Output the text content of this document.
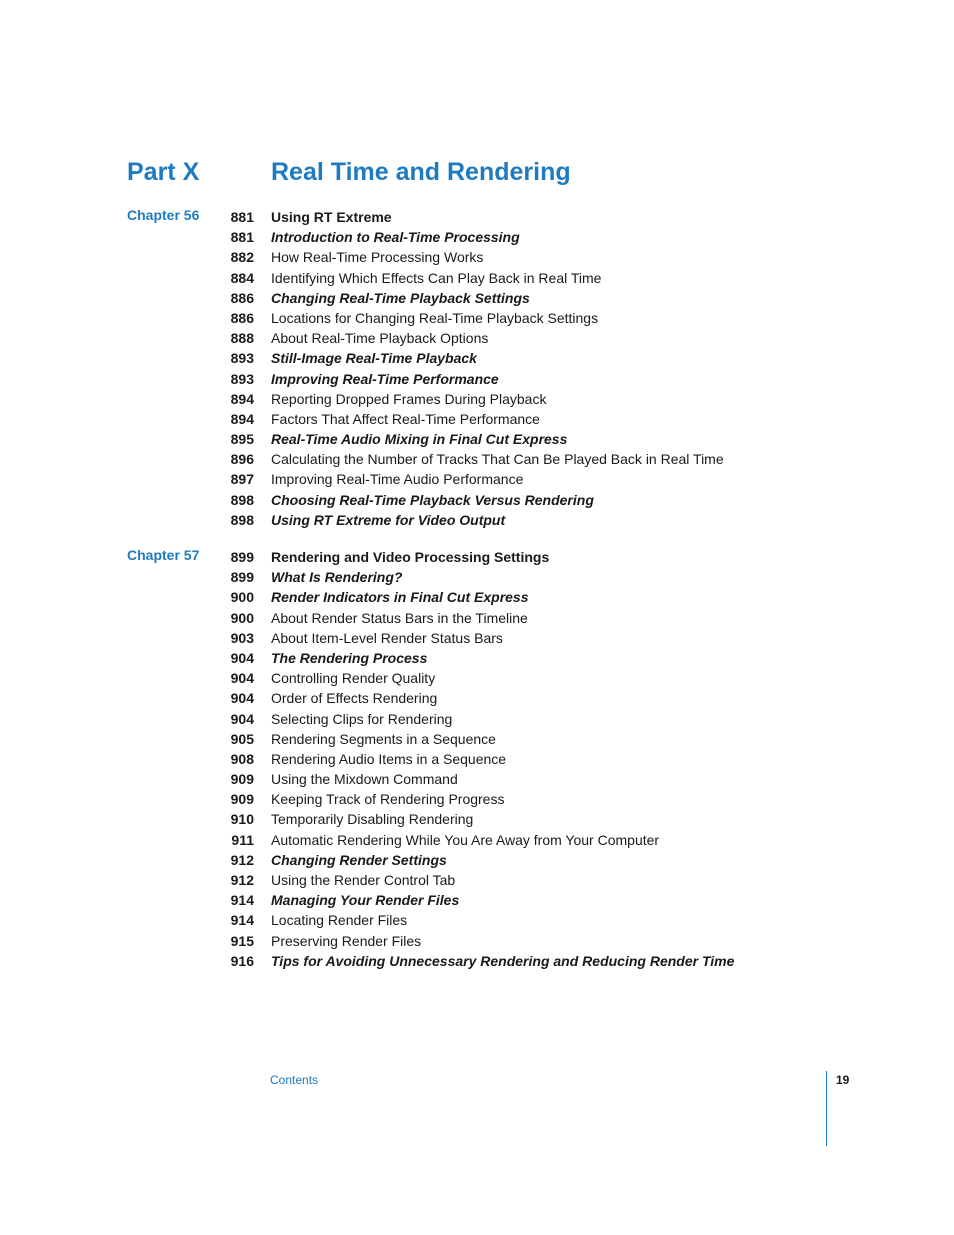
Part X	Real Time and Rendering
Chapter 56	881 Using RT Extreme
881 Introduction to Real-Time Processing
882 How Real-Time Processing Works
884 Identifying Which Effects Can Play Back in Real Time
886 Changing Real-Time Playback Settings
886 Locations for Changing Real-Time Playback Settings
888 About Real-Time Playback Options
893 Still-Image Real-Time Playback
893 Improving Real-Time Performance
894 Reporting Dropped Frames During Playback
894 Factors That Affect Real-Time Performance
895 Real-Time Audio Mixing in Final Cut Express
896 Calculating the Number of Tracks That Can Be Played Back in Real Time
897 Improving Real-Time Audio Performance
898 Choosing Real-Time Playback Versus Rendering
898 Using RT Extreme for Video Output
Chapter 57	899 Rendering and Video Processing Settings
899 What Is Rendering?
900 Render Indicators in Final Cut Express
900 About Render Status Bars in the Timeline
903 About Item-Level Render Status Bars
904 The Rendering Process
904 Controlling Render Quality
904 Order of Effects Rendering
904 Selecting Clips for Rendering
905 Rendering Segments in a Sequence
908 Rendering Audio Items in a Sequence
909 Using the Mixdown Command
909 Keeping Track of Rendering Progress
910 Temporarily Disabling Rendering
911 Automatic Rendering While You Are Away from Your Computer
912 Changing Render Settings
912 Using the Render Control Tab
914 Managing Your Render Files
914 Locating Render Files
915 Preserving Render Files
916 Tips for Avoiding Unnecessary Rendering and Reducing Render Time
Contents	19
